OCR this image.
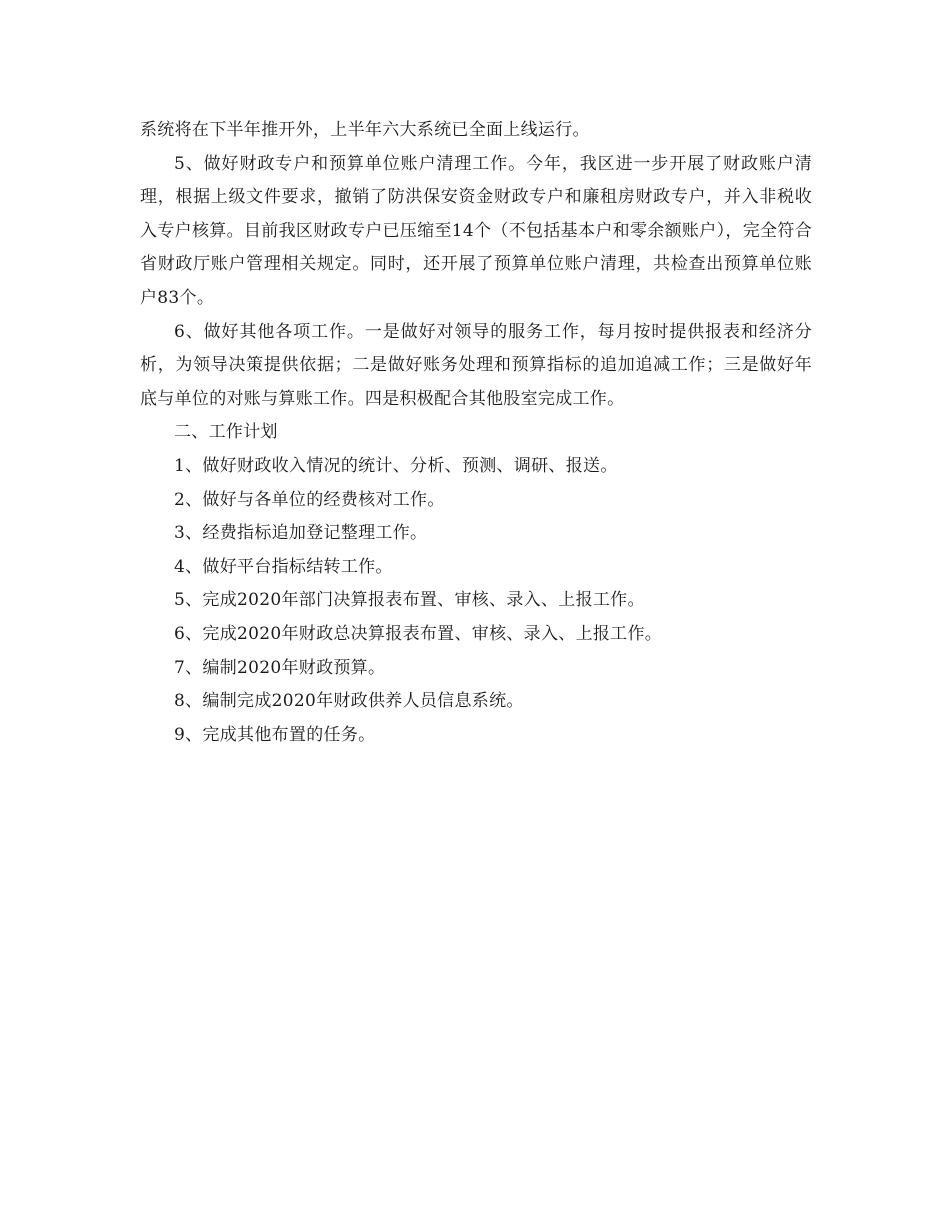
系统将在下半年推开外，上半年六大系统已全面上线运行。

5、做好财政专户和预算单位账户清理工作。今年，我区进一步开展了财政账户清理，根据上级文件要求，撤销了防洪保安资金财政专户和廉租房财政专户，并入非税收入专户核算。目前我区财政专户已压缩至14个（不包括基本户和零余额账户），完全符合省财政厅账户管理相关规定。同时，还开展了预算单位账户清理，共检查出预算单位账户83个。

6、做好其他各项工作。一是做好对领导的服务工作，每月按时提供报表和经济分析，为领导决策提供依据；二是做好账务处理和预算指标的追加追减工作；三是做好年底与单位的对账与算账工作。四是积极配合其他股室完成工作。

二、工作计划

1、做好财政收入情况的统计、分析、预测、调研、报送。

2、做好与各单位的经费核对工作。

3、经费指标追加登记整理工作。

4、做好平台指标结转工作。

5、完成2020年部门决算报表布置、审核、录入、上报工作。

6、完成2020年财政总决算报表布置、审核、录入、上报工作。

7、编制2020年财政预算。

8、编制完成2020年财政供养人员信息系统。

9、完成其他布置的任务。
